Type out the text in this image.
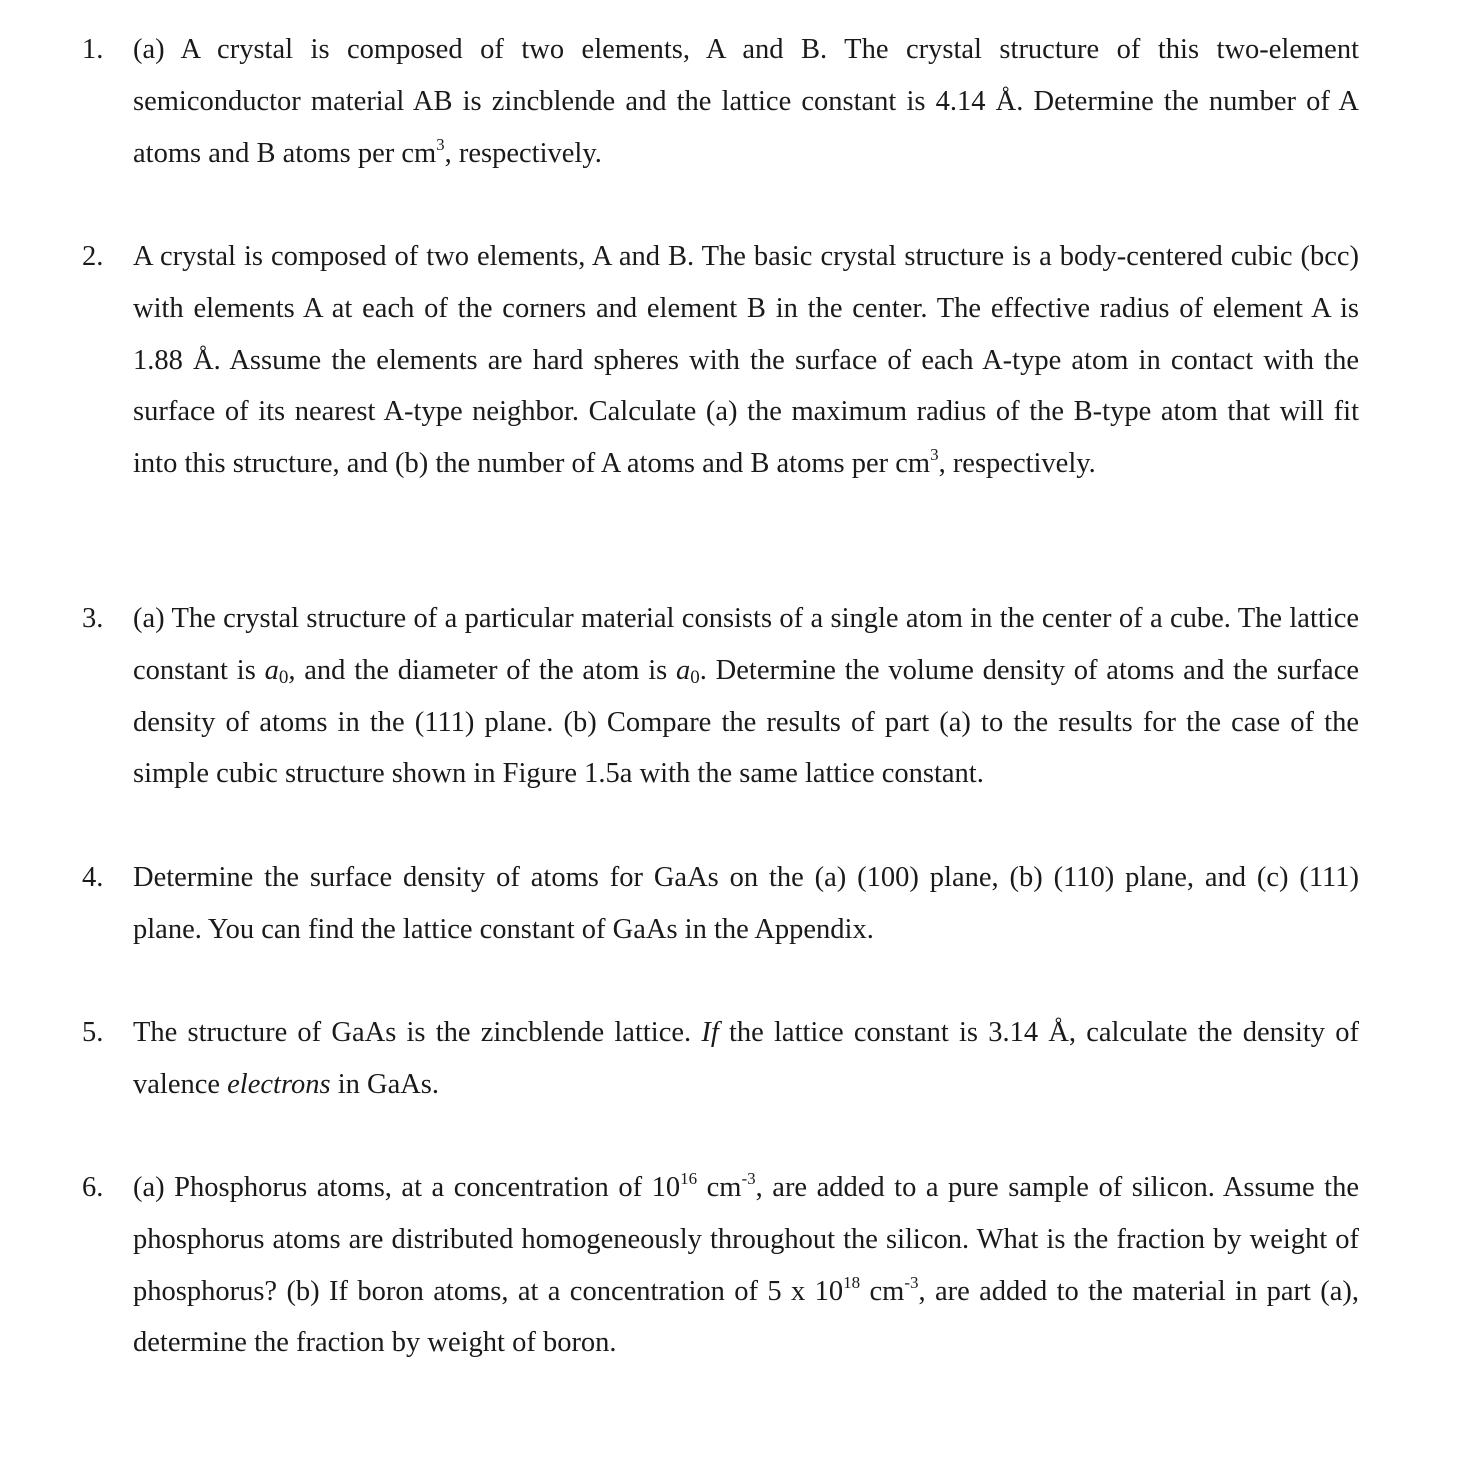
1. (a) A crystal is composed of two elements, A and B. The crystal structure of this two-element semiconductor material AB is zincblende and the lattice constant is 4.14 Å. Determine the number of A atoms and B atoms per $cm^3$, respectively.
2. A crystal is composed of two elements, A and B. The basic crystal structure is a body-centered cubic (bcc) with elements A at each of the corners and element B in the center. The effective radius of element A is 1.88 Å. Assume the elements are hard spheres with the surface of each A-type atom in contact with the surface of its nearest A-type neighbor. Calculate (a) the maximum radius of the B-type atom that will fit into this structure, and (b) the number of A atoms and B atoms per $cm^3$, respectively.
3. (a) The crystal structure of a particular material consists of a single atom in the center of a cube. The lattice constant is a0, and the diameter of the atom is a0. Determine the volume density of atoms and the surface density of atoms in the (111) plane. (b) Compare the results of part (a) to the results for the case of the simple cubic structure shown in Figure 1.5a with the same lattice constant.
4. Determine the surface density of atoms for GaAs on the (a) (100) plane, (b) (110) plane, and (c) (111) plane. You can find the lattice constant of GaAs in the Appendix.
5. The structure of GaAs is the zincblende lattice. If the lattice constant is 3.14 Å, calculate the density of valence electrons in GaAs.
6. (a) Phosphorus atoms, at a concentration of $10^{16}$ $cm^{-3}$, are added to a pure sample of silicon. Assume the phosphorus atoms are distributed homogeneously throughout the silicon. What is the fraction by weight of phosphorus? (b) If boron atoms, at a concentration of 5 x $10^{18}$ $cm^{-3}$, are added to the material in part (a), determine the fraction by weight of boron.
